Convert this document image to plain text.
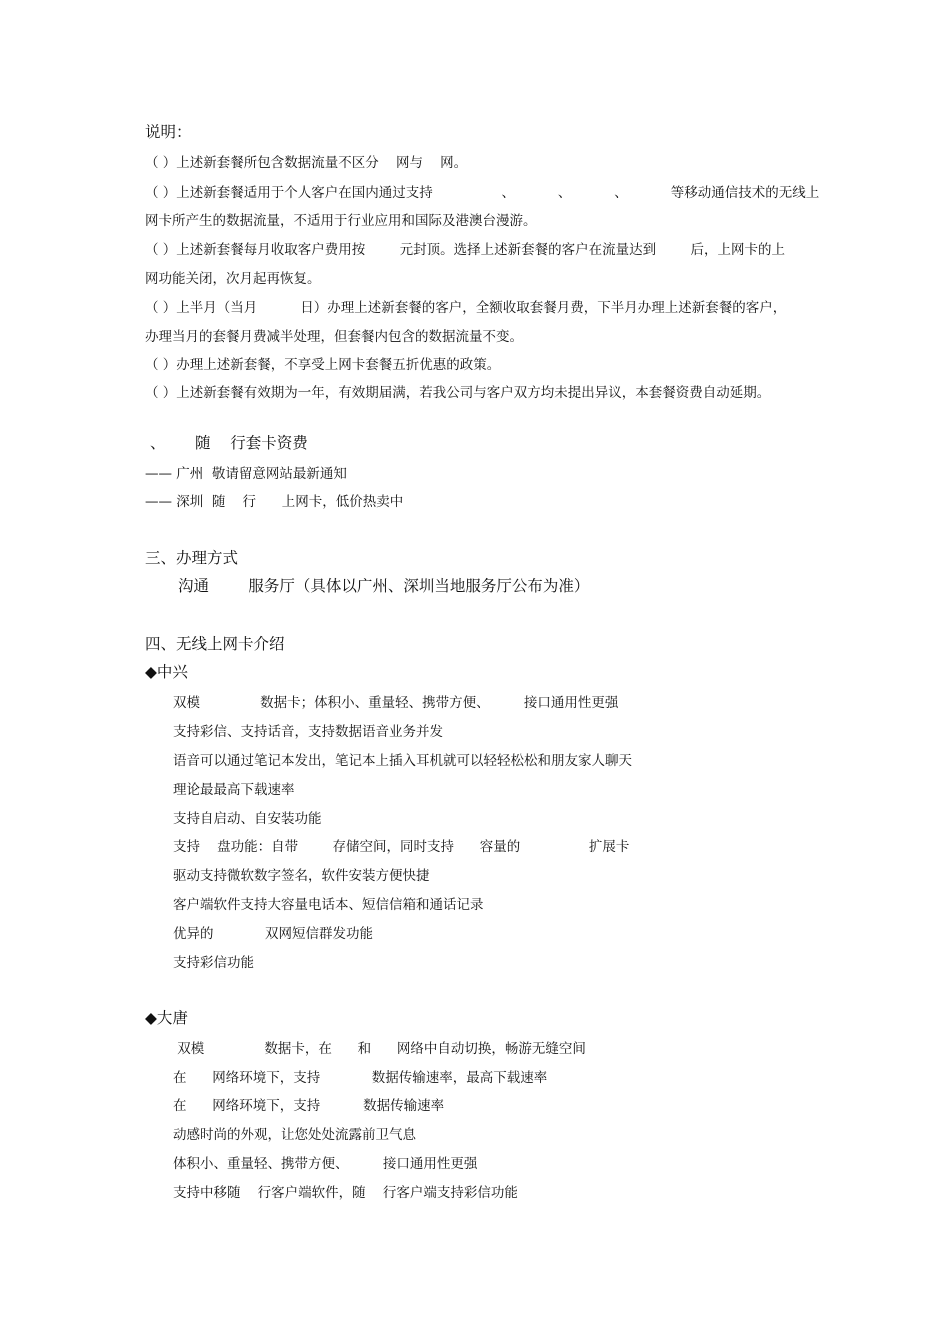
说明：
（ ）上述新套餐所包含数据流量不区分    网与    网。
（ ）上述新套餐适用于个人客户在国内通过支持                、          、          、          等移动通信技术的无线上
网卡所产生的数据流量，不适用于行业应用和国际及港澳台漫游。
（ ）上述新套餐每月收取客户费用按        元封顶。选择上述新套餐的客户在流量达到        后，上网卡的上
网功能关闭，次月起再恢复。
（ ）上半月（当月          日）办理上述新套餐的客户，全额收取套餐月费，下半月办理上述新套餐的客户，
办理当月的套餐月费减半处理，但套餐内包含的数据流量不变。
（ ）办理上述新套餐，不享受上网卡套餐五折优惠的政策。
（ ）上述新套餐有效期为一年，有效期届满，若我公司与客户双方均未提出异议，本套餐资费自动延期。
、      随    行套卡资费
—— 广州  敬请留意网站最新通知
—— 深圳  随    行      上网卡，低价热卖中
三、办理方式
沟通        服务厅（具体以广州、深圳当地服务厅公布为准）
四、无线上网卡介绍
◆中兴
双模              数据卡；体积小、重量轻、携带方便、        接口通用性更强
支持彩信、支持话音，支持数据语音业务并发
语音可以通过笔记本发出，笔记本上插入耳机就可以轻轻松松和朋友家人聊天
理论最最高下载速率
支持自启动、自安装功能
支持    盘功能：自带        存储空间，同时支持      容量的                扩展卡
驱动支持微软数字签名，软件安装方便快捷
客户端软件支持大容量电话本、短信信箱和通话记录
优异的            双网短信群发功能
支持彩信功能
◆大唐
双模              数据卡，在      和      网络中自动切换，畅游无缝空间
在      网络环境下，支持            数据传输速率，最高下载速率
在      网络环境下，支持          数据传输速率
动感时尚的外观，让您处处流露前卫气息
体积小、重量轻、携带方便、        接口通用性更强
支持中移随    行客户端软件，随    行客户端支持彩信功能
